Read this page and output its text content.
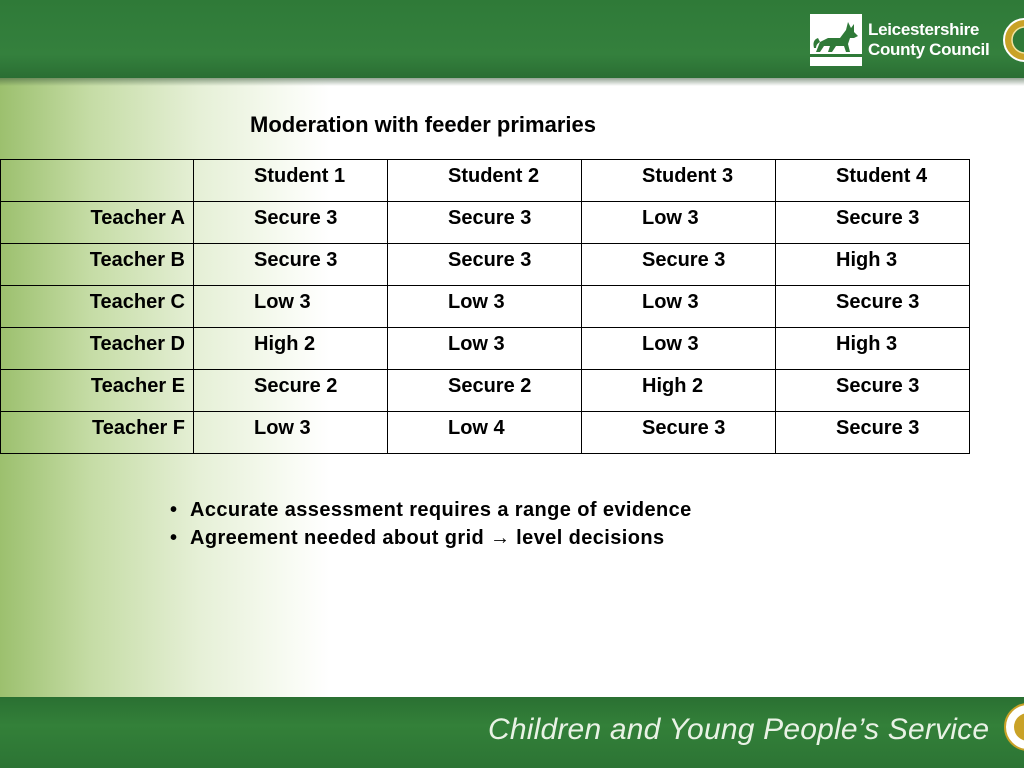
Leicestershire
County Council
Moderation with feeder primaries
	Student 1	Student 2	Student 3	Student 4
Teacher A	Secure 3	Secure 3	Low 3	Secure 3
Teacher B	Secure 3	Secure 3	Secure 3	High 3
Teacher C	Low 3	Low 3	Low 3	Secure 3
Teacher D	High 2	Low 3	Low 3	High 3
Teacher E	Secure 2	Secure 2	High 2	Secure 3
Teacher F	Low 3	Low 4	Secure 3	Secure 3
• Accurate assessment requires a range of evidence
• Agreement needed about grid → level decisions
Children and Young People’s Service
